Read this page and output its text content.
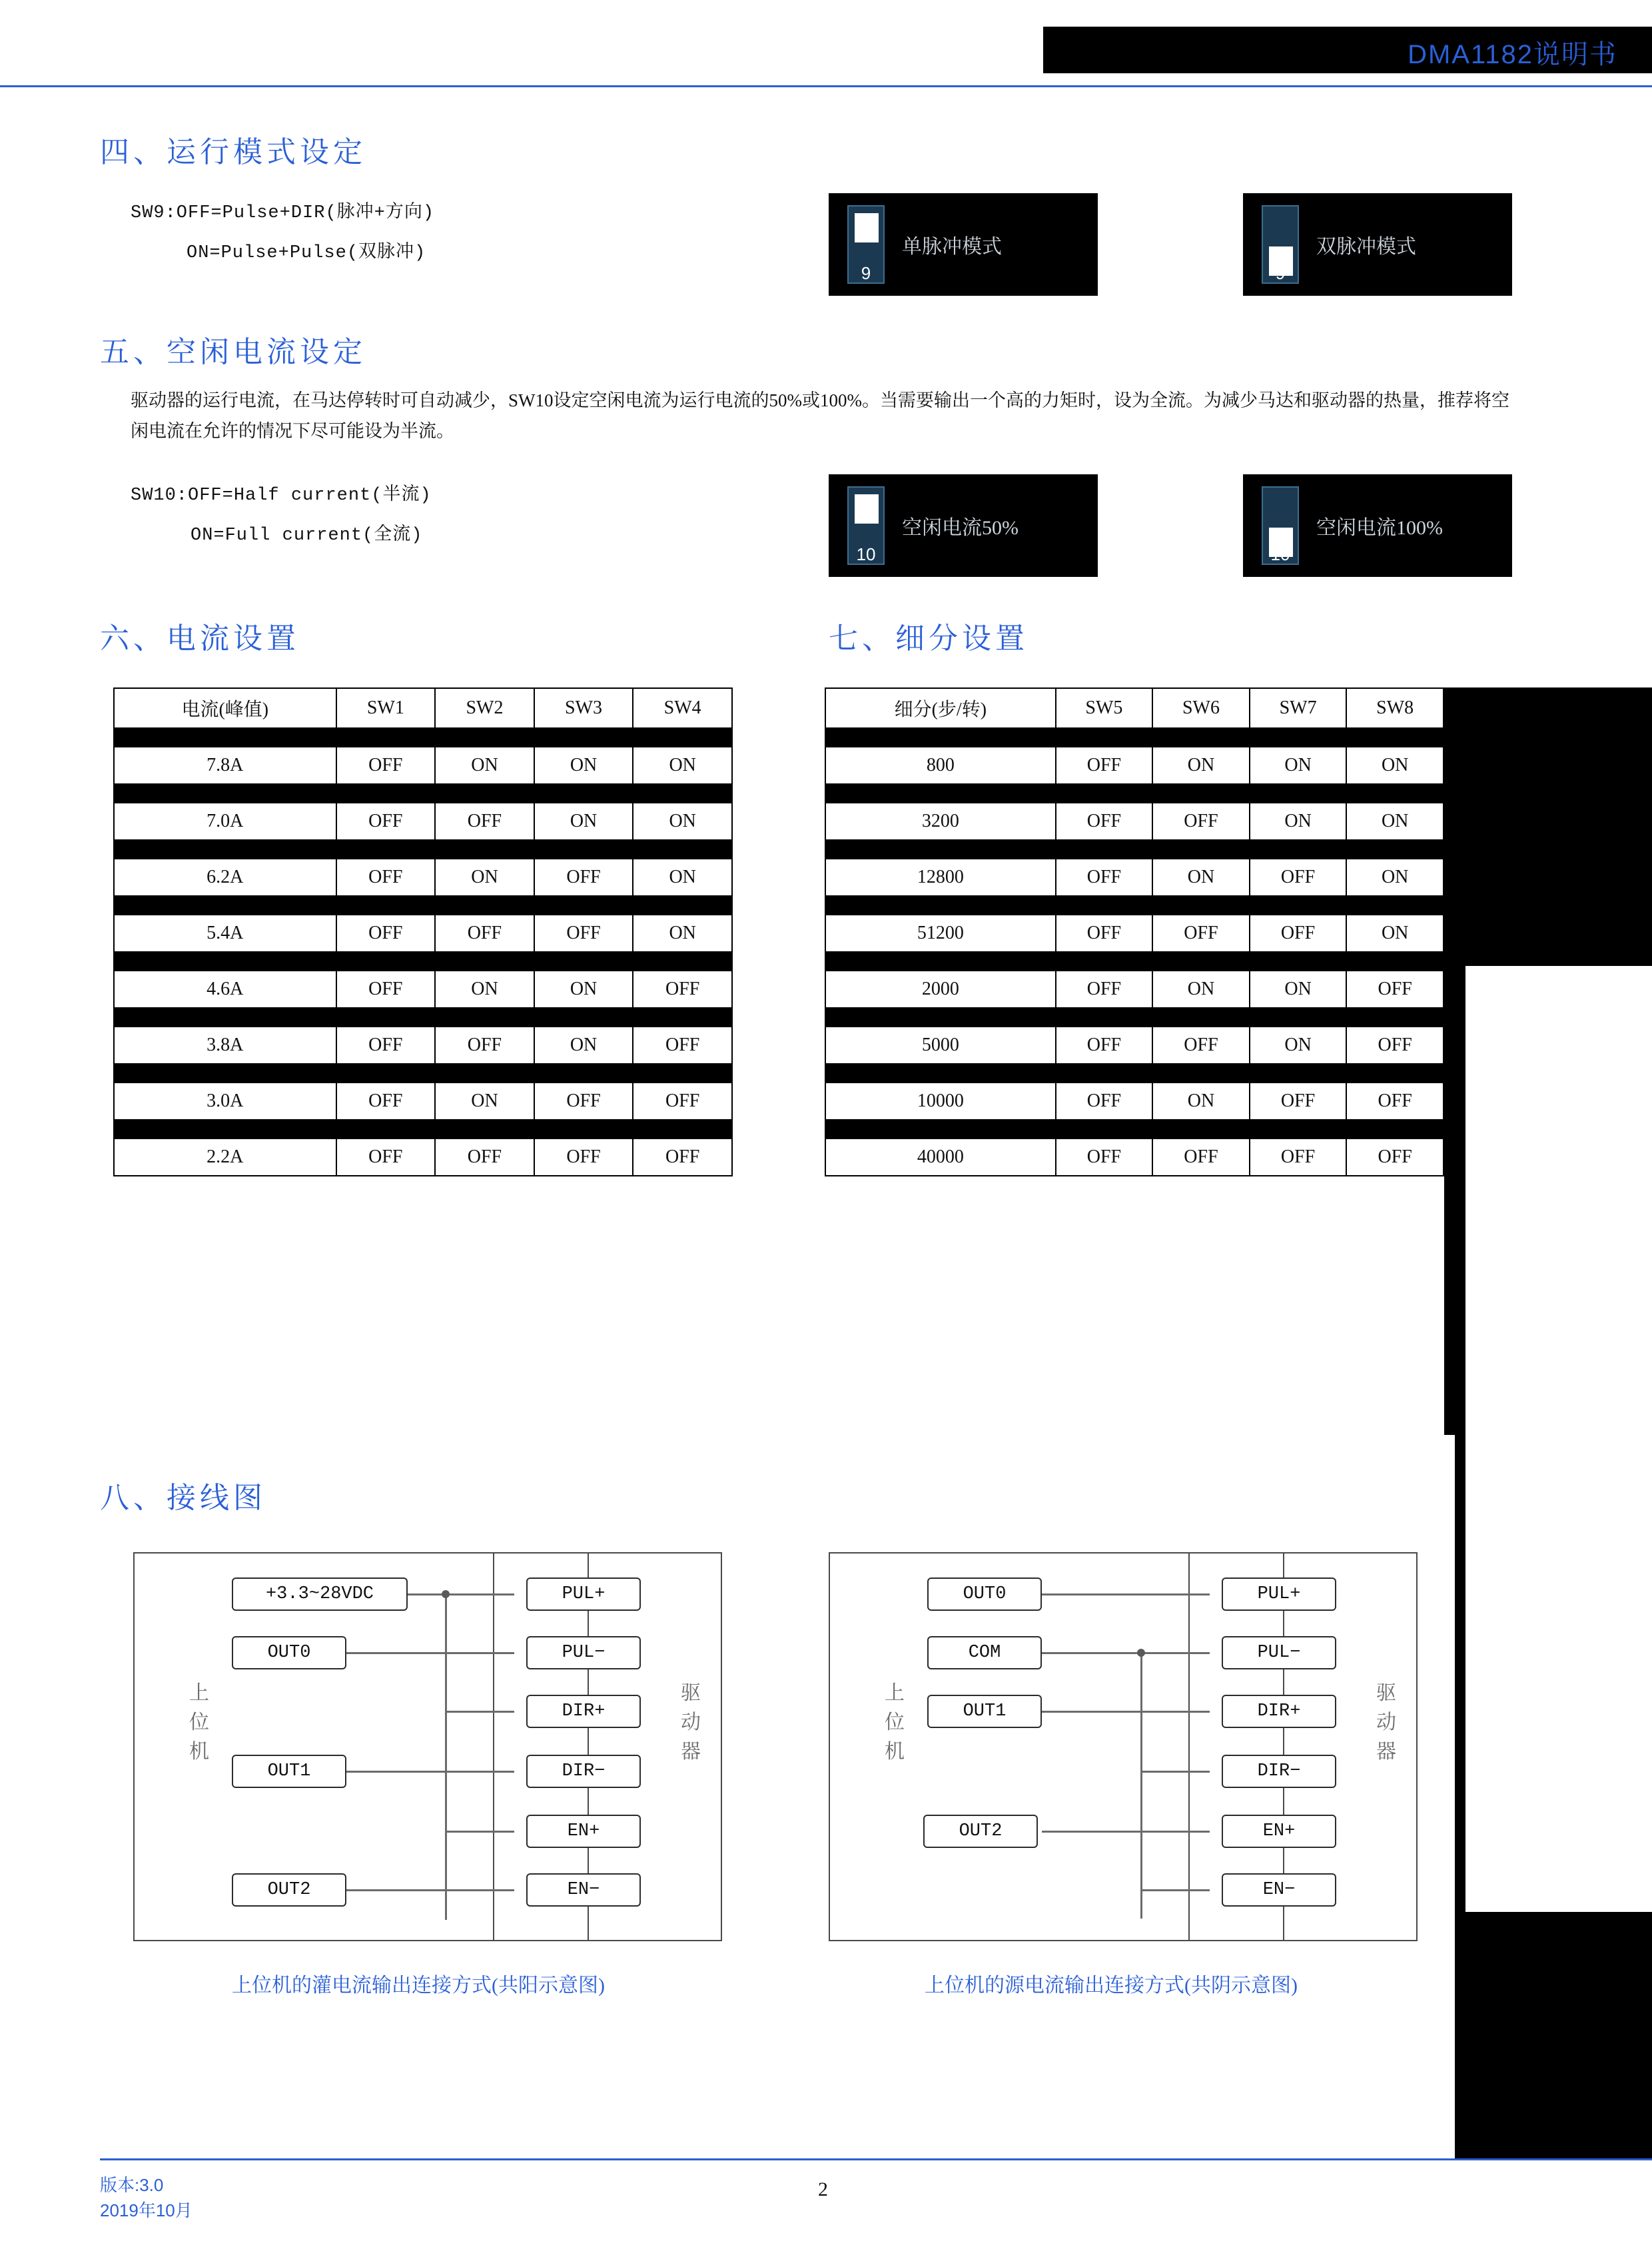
DMA1182说明书
四、运行模式设定
SW9:OFF=Pulse+DIR(脉冲+方向)
ON=Pulse+Pulse(双脉冲)
9
单脉冲模式
9
双脉冲模式
五、空闲电流设定
驱动器的运行电流，在马达停转时可自动减少，SW10设定空闲电流为运行电流的50%或100%。当需要输出一个高的力矩时，设为全流。为减少马达和驱动器的热量，推荐将空闲电流在允许的情况下尽可能设为半流。
SW10:OFF=Half current(半流)
ON=Full current(全流)
10
空闲电流50%
10
空闲电流100%
六、电流设置	七、细分设置
电流(峰值)	SW1	SW2	SW3	SW4

7.8A	OFF	ON	ON	ON

7.0A	OFF	OFF	ON	ON

6.2A	OFF	ON	OFF	ON

5.4A	OFF	OFF	OFF	ON

4.6A	OFF	ON	ON	OFF

3.8A	OFF	OFF	ON	OFF

3.0A	OFF	ON	OFF	OFF

2.2A	OFF	OFF	OFF	OFF
细分(步/转)	SW5	SW6	SW7	SW8

800	OFF	ON	ON	ON

3200	OFF	OFF	ON	ON

12800	OFF	ON	OFF	ON

51200	OFF	OFF	OFF	ON

2000	OFF	ON	ON	OFF

5000	OFF	OFF	ON	OFF

10000	OFF	ON	OFF	OFF

40000	OFF	OFF	OFF	OFF
八、接线图
上
位
机
驱
动
器
+3.3~28VDC
OUT0
OUT1
OUT2
PUL+
PUL−
DIR+
DIR−
EN+
EN−
上位机的灌电流输出连接方式(共阳示意图)
上
位
机
驱
动
器
OUT0
COM
OUT1
OUT2
PUL+
PUL−
DIR+
DIR−
EN+
EN−
上位机的源电流输出连接方式(共阴示意图)
版本:3.0
2019年10月
2
